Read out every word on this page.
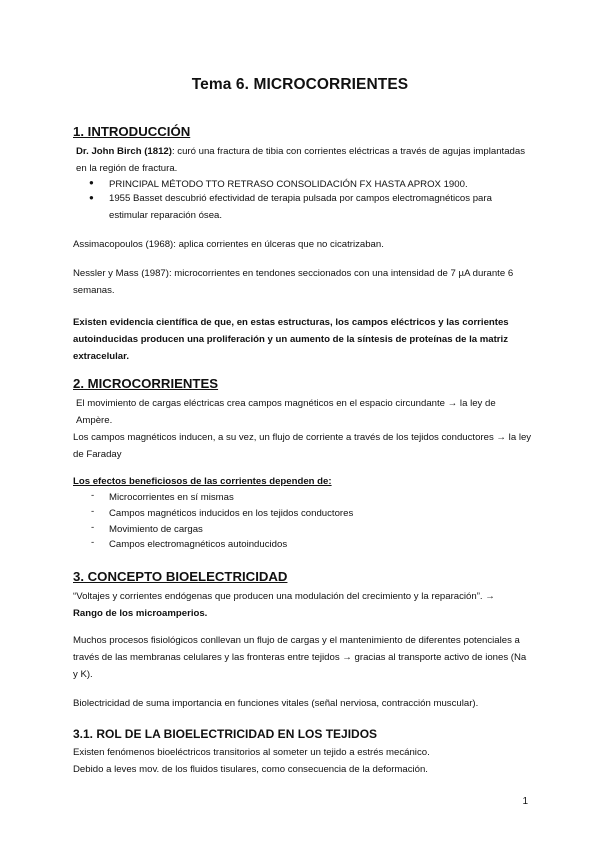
Tema 6. MICROCORRIENTES
1. INTRODUCCIÓN
Dr. John Birch (1812): curó una fractura de tibia con corrientes eléctricas a través de agujas implantadas en la región de fractura.
● PRINCIPAL MÉTODO TTO RETRASO CONSOLIDACIÓN FX HASTA APROX 1900.
● 1955 Basset descubrió efectividad de terapia pulsada por campos electromagnéticos para estimular reparación ósea.
Assimacopoulos (1968): aplica corrientes en úlceras que no cicatrizaban.
Nessler y Mass (1987): microcorrientes en tendones seccionados con una intensidad de 7 µA durante 6 semanas.
Existen evidencia científica de que, en estas estructuras, los campos eléctricos y las corrientes autoinducidas producen una proliferación y un aumento de la síntesis de proteínas de la matriz extracelular.
2. MICROCORRIENTES
El movimiento de cargas eléctricas crea campos magnéticos en el espacio circundante → la ley de Ampère.
Los campos magnéticos inducen, a su vez, un flujo de corriente a través de los tejidos conductores → la ley de Faraday
Los efectos beneficiosos de las corrientes dependen de:
- Microcorrientes en sí mismas
- Campos magnéticos inducidos en los tejidos conductores
- Movimiento de cargas
- Campos electromagnéticos autoinducidos
3. CONCEPTO BIOELECTRICIDAD
“Voltajes y corrientes endógenas que producen una modulación del crecimiento y la reparación”. →
Rango de los microamperios.
Muchos procesos fisiológicos conllevan un flujo de cargas y el mantenimiento de diferentes potenciales a través de las membranas celulares y las fronteras entre tejidos → gracias al transporte activo de iones (Na y K).
Biolectricidad de suma importancia en funciones vitales (señal nerviosa, contracción muscular).
3.1. ROL DE LA BIOELECTRICIDAD EN LOS TEJIDOS
Existen fenómenos bioeléctricos transitorios al someter un tejido a estrés mecánico.
Debido a leves mov. de los fluidos tisulares, como consecuencia de la deformación.
1
